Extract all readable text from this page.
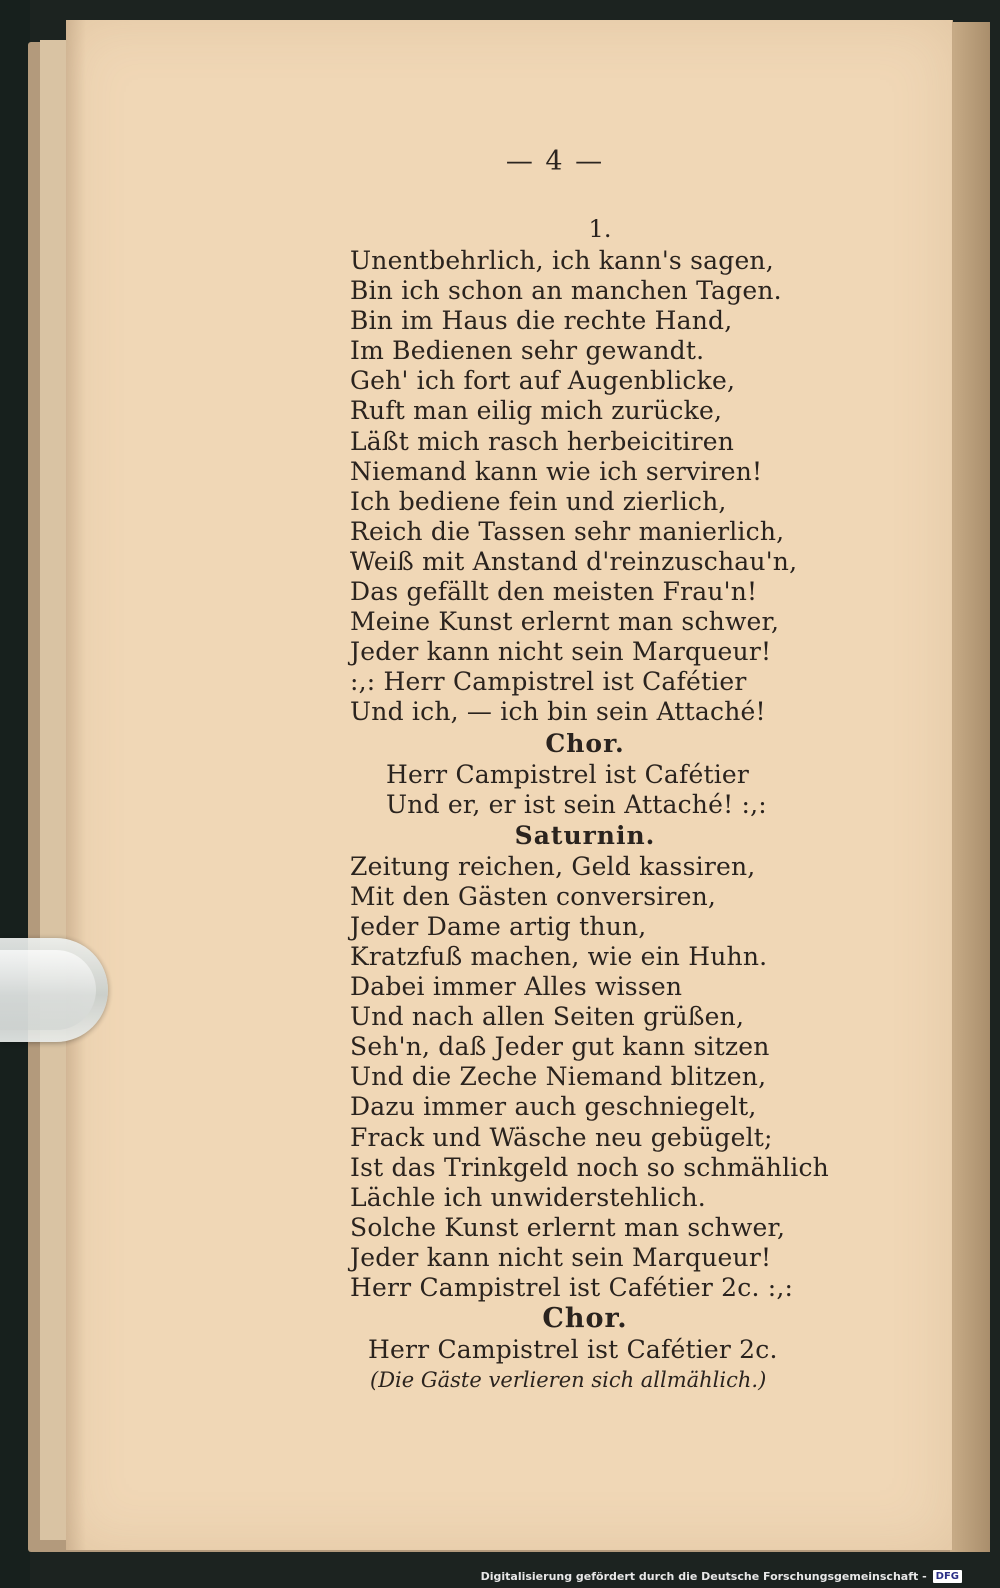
— 4 —
1.
Unentbehrlich, ich kann's sagen,
Bin ich schon an manchen Tagen.
Bin im Haus die rechte Hand,
Im Bedienen sehr gewandt.
Geh' ich fort auf Augenblicke,
Ruft man eilig mich zurücke,
Läßt mich rasch herbeicitiren
Niemand kann wie ich serviren!
Ich bediene fein und zierlich,
Reich die Tassen sehr manierlich,
Weiß mit Anstand d'reinzuschau'n,
Das gefällt den meisten Frau'n!
Meine Kunst erlernt man schwer,
Jeder kann nicht sein Marqueur!
:,: Herr Campistrel ist Cafétier
Und ich, — ich bin sein Attaché!
Chor.
Herr Campistrel ist Cafétier
Und er, er ist sein Attaché! :,:
Saturnin.
Zeitung reichen, Geld kassiren,
Mit den Gästen conversiren,
Jeder Dame artig thun,
Kratzfuß machen, wie ein Huhn.
Dabei immer Alles wissen
Und nach allen Seiten grüßen,
Seh'n, daß Jeder gut kann sitzen
Und die Zeche Niemand blitzen,
Dazu immer auch geschniegelt,
Frack und Wäsche neu gebügelt;
Ist das Trinkgeld noch so schmählich
Lächle ich unwiderstehlich.
Solche Kunst erlernt man schwer,
Jeder kann nicht sein Marqueur!
Herr Campistrel ist Cafétier 2c. :,:
Chor.
Herr Campistrel ist Cafétier 2c.
(Die Gäste verlieren sich allmählich.)
Digitalisierung gefördert durch die Deutsche Forschungsgemeinschaft - DFG
